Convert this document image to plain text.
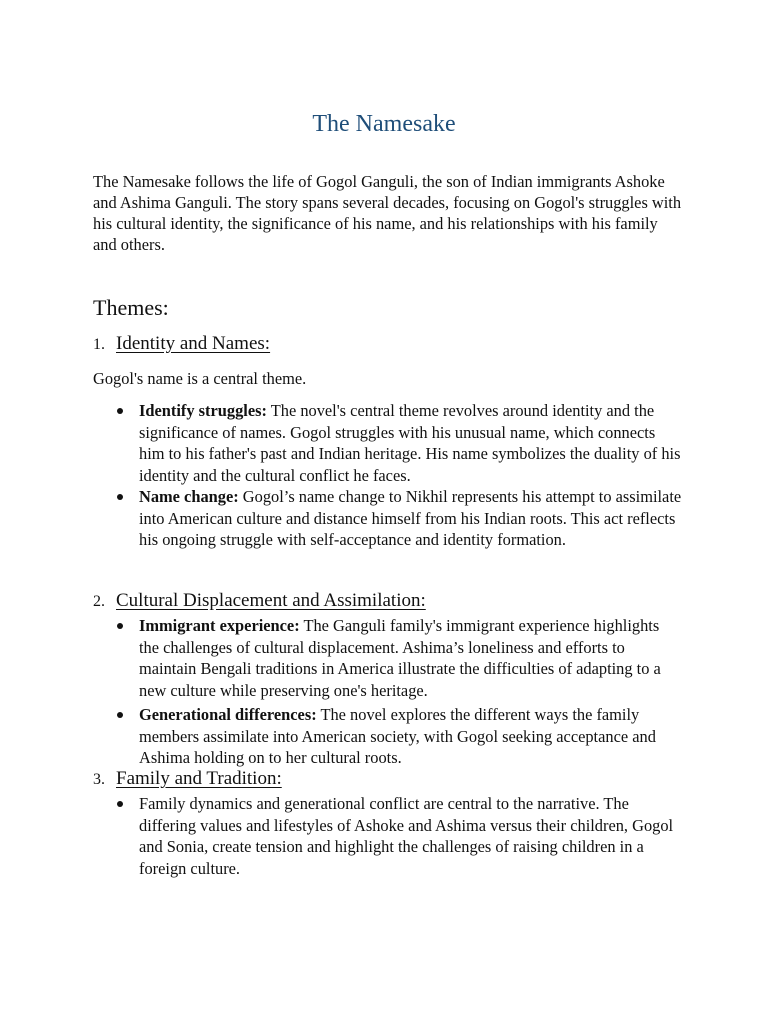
The Namesake

The Namesake follows the life of Gogol Ganguli, the son of Indian immigrants Ashoke and Ashima Ganguli. The story spans several decades, focusing on Gogol's struggles with his cultural identity, the significance of his name, and his relationships with his family and others.

Themes:
1. Identity and Names:

Gogol's name is a central theme.

Identify struggles: The novel's central theme revolves around identity and the significance of names. Gogol struggles with his unusual name, which connects him to his father's past and Indian heritage. His name symbolizes the duality of his identity and the cultural conflict he faces.
Name change: Gogol’s name change to Nikhil represents his attempt to assimilate into American culture and distance himself from his Indian roots. This act reflects his ongoing struggle with self-acceptance and identity formation.
2. Cultural Displacement and Assimilation:
Immigrant experience: The Ganguli family's immigrant experience highlights the challenges of cultural displacement. Ashima’s loneliness and efforts to maintain Bengali traditions in America illustrate the difficulties of adapting to a new culture while preserving one's heritage.
Generational differences: The novel explores the different ways the family members assimilate into American society, with Gogol seeking acceptance and Ashima holding on to her cultural roots.
3. Family and Tradition:
Family dynamics and generational conflict are central to the narrative. The differing values and lifestyles of Ashoke and Ashima versus their children, Gogol and Sonia, create tension and highlight the challenges of raising children in a foreign culture.
